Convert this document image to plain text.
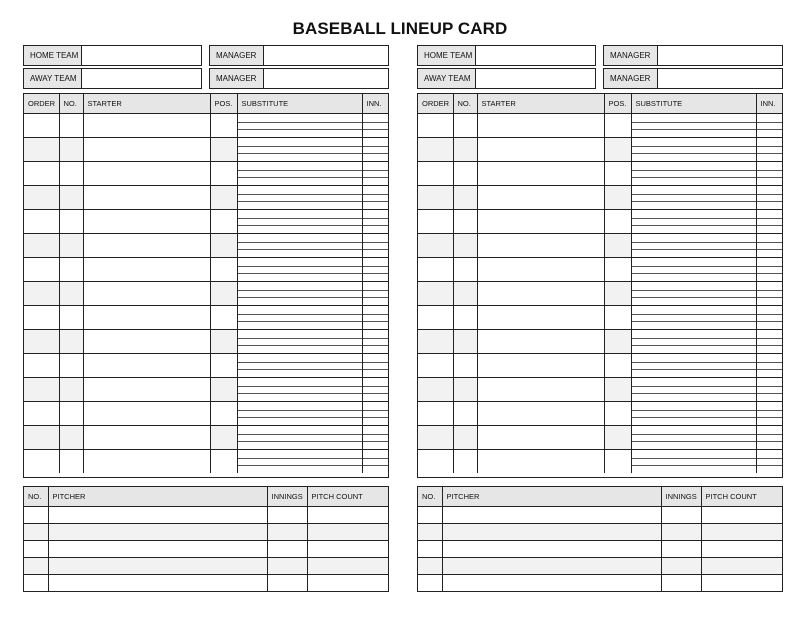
BASEBALL LINEUP CARD
HOME TEAM	MANAGER
AWAY TEAM	MANAGER
ORDER	NO.	STARTER	POS.	SUBSTITUTE	INN.

NO.	PITCHER	INNINGS	PITCH COUNT

HOME TEAM	MANAGER
AWAY TEAM	MANAGER
ORDER	NO.	STARTER	POS.	SUBSTITUTE	INN.

NO.	PITCHER	INNINGS	PITCH COUNT
